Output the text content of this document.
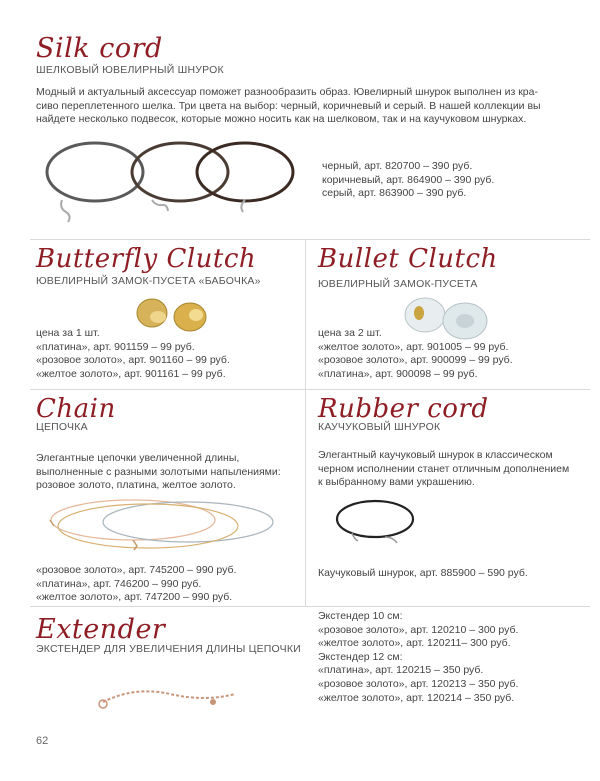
Silk cord
ШЕЛКОВЫЙ ЮВЕЛИРНЫЙ ШНУРОК
Модный и актуальный аксессуар поможет разнообразить образ. Ювелирный шнурок выполнен из кра-
сиво переплетенного шелка. Три цвета на выбор: черный, коричневый и серый. В нашей коллекции вы
найдете несколько подвесок, которые можно носить как на шелковом, так и на каучуковом шнурках.
черный, арт. 820700 – 390 руб.
коричневый, арт. 864900 – 390 руб.
серый, арт. 863900 – 390 руб.
Butterfly Clutch
ЮВЕЛИРНЫЙ ЗАМОК-ПУСЕТА «БАБОЧКА»
цена за 1 шт.
«платина», арт. 901159 – 99 руб.
«розовое золото», арт. 901160 – 99 руб.
«желтое золото», арт. 901161 – 99 руб.
Bullet Clutch
ЮВЕЛИРНЫЙ ЗАМОК-ПУСЕТА
цена за 2 шт.
«желтое золото», арт. 901005 – 99 руб.
«розовое золото», арт. 900099 – 99 руб.
«платина», арт. 900098 – 99 руб.
Chain
ЦЕПОЧКА
Элегантные цепочки увеличенной длины,
выполненные с разными золотыми напылениями:
розовое золото, платина, желтое золото.
«розовое золото», арт. 745200 – 990 руб.
«платина», арт. 746200 – 990 руб.
«желтое золото», арт. 747200 – 990 руб.
Rubber cord
КАУЧУКОВЫЙ ШНУРОК
Элегантный каучуковый шнурок в классическом
черном исполнении станет отличным дополнением
к выбранному вами украшению.
Каучуковый шнурок, арт. 885900 – 590 руб.
Extender
ЭКСТЕНДЕР ДЛЯ УВЕЛИЧЕНИЯ ДЛИНЫ ЦЕПОЧКИ
Экстендер 10 см:
«розовое золото», арт. 120210 – 300 руб.
«желтое золото», арт. 120211– 300 руб.
Экстендер 12 см:
«платина», арт. 120215 – 350 руб.
«розовое золото», арт. 120213 – 350 руб.
«желтое золото», арт. 120214 – 350 руб.
62
